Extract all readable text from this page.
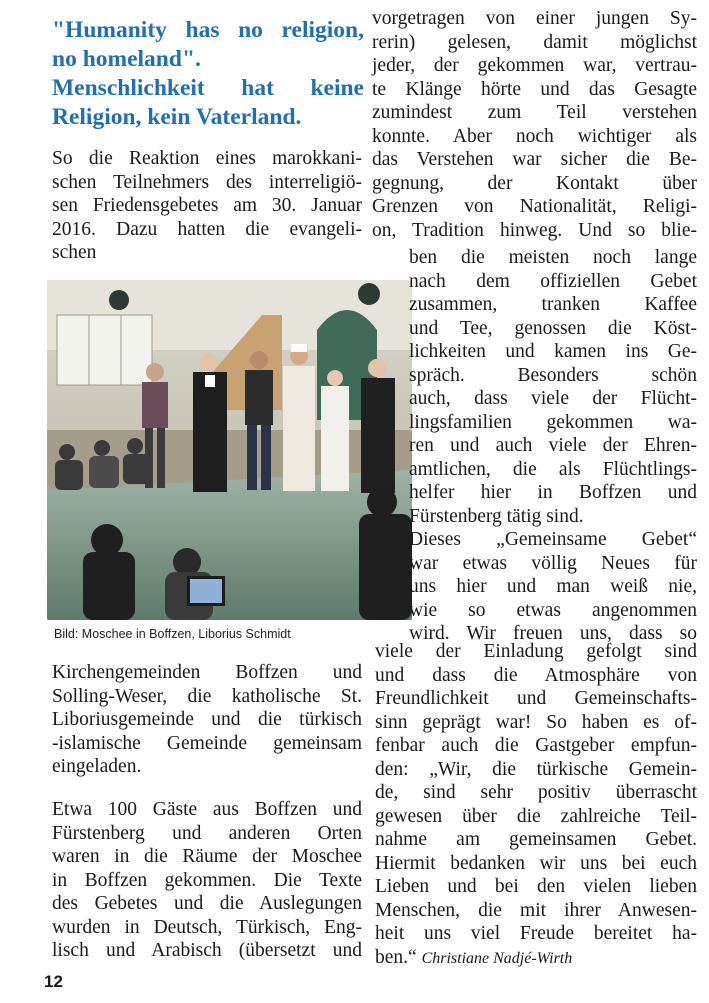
"Humanity has no religion,
no homeland".
Menschlichkeit hat keine
Religion, kein Vaterland.
So die Reaktion eines marokkani-
schen Teilnehmers des interreligiö-
sen Friedensgebetes am 30. Januar
2016. Dazu hatten die evangeli-
schen
Bild: Moschee in Boffzen, Liborius Schmidt
Kirchengemeinden Boffzen und
Solling-Weser, die katholische St.
Liboriusgemeinde und die türkisch
-islamische Gemeinde gemeinsam
eingeladen.
Etwa 100 Gäste aus Boffzen und
Fürstenberg und anderen Orten
waren in die Räume der Moschee
in Boffzen gekommen. Die Texte
des Gebetes und die Auslegungen
wurden in Deutsch, Türkisch, Eng-
lisch und Arabisch (übersetzt und
vorgetragen von einer jungen Sy-
rerin) gelesen, damit möglichst
jeder, der gekommen war, vertrau-
te Klänge hörte und das Gesagte
zumindest zum Teil verstehen
konnte. Aber noch wichtiger als
das Verstehen war sicher die Be-
gegnung, der Kontakt über
Grenzen von Nationalität, Religi-
on, Tradition hinweg. Und so blie-
ben die meisten noch lange
nach dem offiziellen Gebet
zusammen, tranken Kaffee
und Tee, genossen die Köst-
lichkeiten und kamen ins Ge-
spräch. Besonders schön
auch, dass viele der Flücht-
lingsfamilien gekommen wa-
ren und auch viele der Ehren-
amtlichen, die als Flüchtlings-
helfer hier in Boffzen und
Fürstenberg tätig sind.
Dieses „Gemeinsame Gebet“
war etwas völlig Neues für
uns hier und man weiß nie,
wie so etwas angenommen
wird. Wir freuen uns, dass so
viele der Einladung gefolgt sind
und dass die Atmosphäre von
Freundlichkeit und Gemeinschafts-
sinn geprägt war! So haben es of-
fenbar auch die Gastgeber empfun-
den: „Wir, die türkische Gemein-
de, sind sehr positiv überrascht
gewesen über die zahlreiche Teil-
nahme am gemeinsamen Gebet.
Hiermit bedanken wir uns bei euch
Lieben und bei den vielen lieben
Menschen, die mit ihrer Anwesen-
heit uns viel Freude bereitet ha-
ben.“ Christiane Nadjé-Wirth
12
